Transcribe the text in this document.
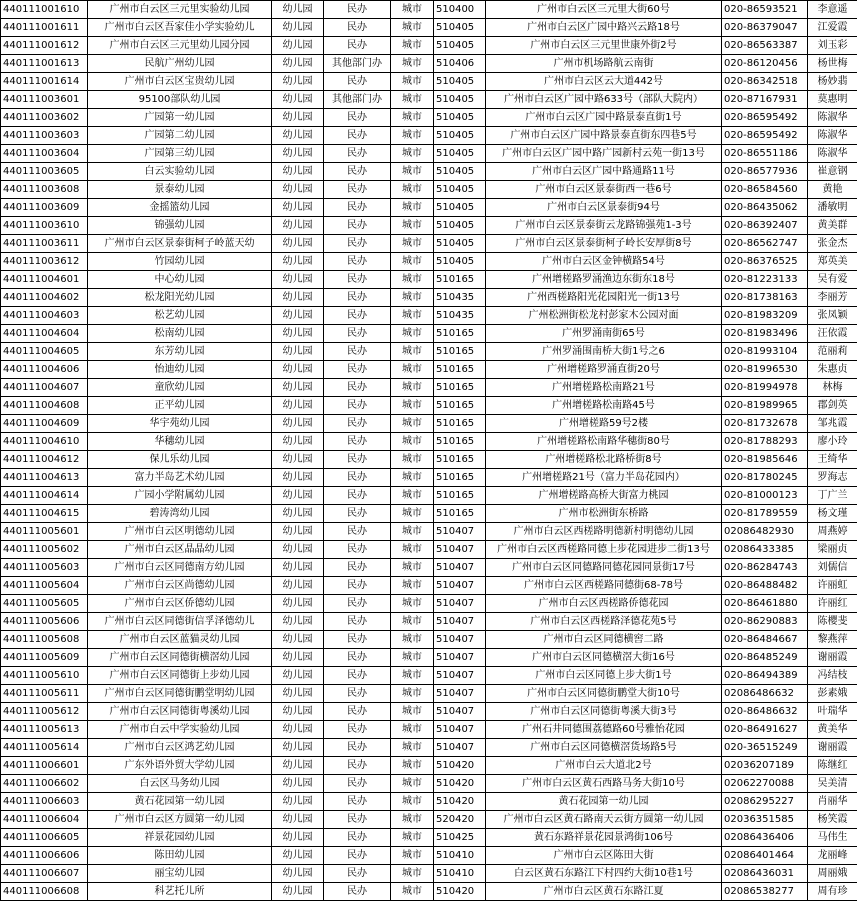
440111001610	广州市白云区三元里实验幼儿园	幼儿园	民办	城市	510400	广州市白云区三元里大街60号	020-86593521	李意遥
440111001611	广州市白云区吾家佳小学实验幼儿	幼儿园	民办	城市	510405	广州市白云区广园中路兴云路18号	020-86379047	江爱霞
440111001612	广州市白云区三元里幼儿园分园	幼儿园	民办	城市	510405	广州市白云区三元里世康外街2号	020-86563387	刘玉彩
440111001613	民航广州幼儿园	幼儿园	其他部门办	城市	510406	广州市机场路航云南街	020-86120456	杨世梅
440111001614	广州市白云区宝贵幼儿园	幼儿园	民办	城市	510405	广州市白云区云大道442号	020-86342518	杨妙翡
440111003601	95100部队幼儿园	幼儿园	其他部门办	城市	510405	广州市白云区广园中路633号（部队大院内）	020-87167931	莫惠明
440111003602	广园第一幼儿园	幼儿园	民办	城市	510405	广州市白云区广园中路景泰直街1号	020-86595492	陈淑华
440111003603	广园第二幼儿园	幼儿园	民办	城市	510405	广州市白云区广园中路景泰直街东四巷5号	020-86595492	陈淑华
440111003604	广园第三幼儿园	幼儿园	民办	城市	510405	广州市白云区广园中路广园新村云苑一街13号	020-86551186	陈淑华
440111003605	白云实验幼儿园	幼儿园	民办	城市	510405	广州市白云区广园中路通路11号	020-86577936	崔意钢
440111003608	景泰幼儿园	幼儿园	民办	城市	510405	广州市白云区景泰街西一巷6号	020-86584560	黄艳
440111003609	金摇篮幼儿园	幼儿园	民办	城市	510405	广州市白云区景泰街94号	020-86435062	潘敏明
440111003610	锦强幼儿园	幼儿园	民办	城市	510405	广州市白云区景泰街云龙路锦强苑1-3号	020-86392407	黄美群
440111003611	广州市白云区景泰街柯子岭蓝天幼	幼儿园	民办	城市	510405	广州市白云区景泰街柯子岭长安厚街8号	020-86562747	张金杰
440111003612	竹园幼儿园	幼儿园	民办	城市	510405	广州市白云区金钟横路54号	020-86376525	郑英美
440111004601	中心幼儿园	幼儿园	民办	城市	510165	广州增槎路罗涌渔边东街东18号	020-81223133	吴有爱
440111004602	松龙阳光幼儿园	幼儿园	民办	城市	510435	广州西槎路阳光花园阳光一街13号	020-81738163	李丽芳
440111004603	松艺幼儿园	幼儿园	民办	城市	510435	广州松洲街松龙村彭家木公园对面	020-81983209	张凤颖
440111004604	松南幼儿园	幼儿园	民办	城市	510165	广州罗涌南街65号	020-81983496	汪依霞
440111004605	东芳幼儿园	幼儿园	民办	城市	510165	广州罗涌围南桥大街1号之6	020-81993104	范丽莉
440111004606	怡迪幼儿园	幼儿园	民办	城市	510165	广州增槎路罗涌直街20号	020-81996530	朱惠贞
440111004607	童欣幼儿园	幼儿园	民办	城市	510165	广州增槎路松南路21号	020-81994978	林梅
440111004608	正平幼儿园	幼儿园	民办	城市	510165	广州增槎路松南路45号	020-81989965	郡剑英
440111004609	华宇苑幼儿园	幼儿园	民办	城市	510165	广州增槎路59号2楼	020-81732678	邹兆霞
440111004610	华穗幼儿园	幼儿园	民办	城市	510165	广州增槎路松南路华穗街80号	020-81788293	廖小玲
440111004612	保儿乐幼儿园	幼儿园	民办	城市	510165	广州增槎路松北路桥街8号	020-81985646	王绮华
440111004613	富力半岛艺术幼儿园	幼儿园	民办	城市	510165	广州增槎路21号（富力半岛花园内）	020-81780245	罗海志
440111004614	广园小学附属幼儿园	幼儿园	民办	城市	510165	广州增槎路高桥大街富力桃园	020-81000123	丁广兰
440111004615	碧涛湾幼儿园	幼儿园	民办	城市	510165	广州市松洲街东桥路	020-81789559	杨文瑾
440111005601	广州市白云区明德幼儿园	幼儿园	民办	城市	510407	广州市白云区西槎路明德新村明德幼儿园	02086482930	周燕婷
440111005602	广州市白云区晶晶幼儿园	幼儿园	民办	城市	510407	广州市白云区西槎路同德上步花园进步二街13号	02086433385	梁丽贞
440111005603	广州市白云区同德南方幼儿园	幼儿园	民办	城市	510407	广州市白云区同德路同德花园同景街17号	020-86284743	刘儒信
440111005604	广州市白云区尚德幼儿园	幼儿园	民办	城市	510407	广州市白云区西槎路同德街68-78号	020-86488482	许丽虹
440111005605	广州市白云区侨德幼儿园	幼儿园	民办	城市	510407	广州市白云区西槎路侨德花园	020-86461880	许丽红
440111005606	广州市白云区同德街信孚泽德幼儿	幼儿园	民办	城市	510407	广州市白云区西槎路泽德花苑5号	020-86290883	陈樱斐
440111005608	广州市白云区蓝猫灵幼儿园	幼儿园	民办	城市	510407	广州市白云区同德横窖二路	020-86484667	黎燕萍
440111005609	广州市白云区同德街横滘幼儿园	幼儿园	民办	城市	510407	广州市白云区同德横滘大街16号	020-86485249	谢丽霞
440111005610	广州市白云区同德街上步幼儿园	幼儿园	民办	城市	510407	广州市白云区同德上步大街1号	020-86494389	冯结枝
440111005611	广州市白云区同德街鹏堂明幼儿园	幼儿园	民办	城市	510407	广州市白云区同德街鹏堂大街10号	02086486632	彭素娥
440111005612	广州市白云区同德街粤溪幼儿园	幼儿园	民办	城市	510407	广州市白云区同德街粤溪大街3号	020-86486632	叶瑞华
440111005613	广州市白云中学实验幼儿园	幼儿园	民办	城市	510407	广州石井同德围荔德路60号雅怡花园	020-86491627	黄美华
440111005614	广州市白云区鸿艺幼儿园	幼儿园	民办	城市	510407	广州市白云区同德横滘货场路5号	020-36515249	谢丽霞
440111006601	广东外语外贸大学幼儿园	幼儿园	民办	城市	510420	广州市白云大道北2号	02036207189	陈继红
440111006602	白云区马务幼儿园	幼儿园	民办	城市	510420	广州市白云区黄石西路马务大街10号	02062270088	吴美清
440111006603	黄石花园第一幼儿园	幼儿园	民办	城市	510420	黄石花园第一幼儿园	02086295227	肖丽华
440111006604	广州市白云区方圆第一幼儿园	幼儿园	民办	城市	520420	广州市白云区黄石路南天云街方圆第一幼儿园	02036351585	杨笑霞
440111006605	祥景花园幼儿园	幼儿园	民办	城市	510425	黄石东路祥景花园景鸿街106号	02086436406	马伟生
440111006606	陈田幼儿园	幼儿园	民办	城市	510410	广州市白云区陈田大街	02086401464	龙丽峰
440111006607	丽宝幼儿园	幼儿园	民办	城市	510410	白云区黄石东路江下村四约大街10巷1号	02086436031	周丽娥
440111006608	科艺托儿所	幼儿园	民办	城市	510420	广州市白云区黄石东路江夏	02086538277	周有珍
